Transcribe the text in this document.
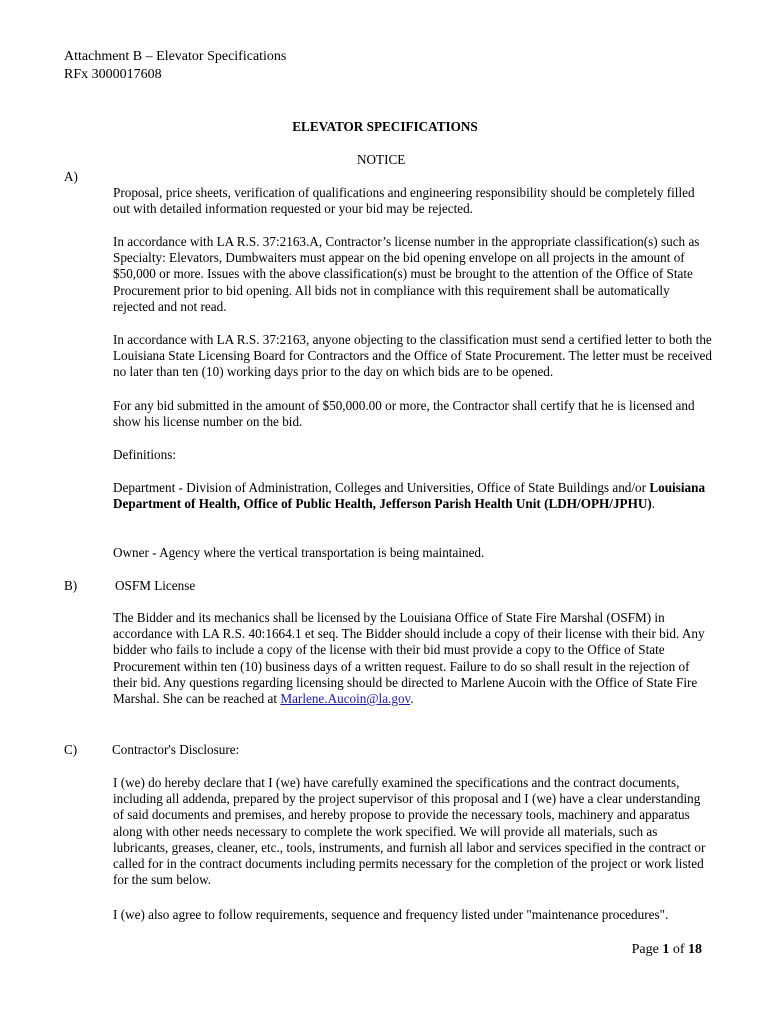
Attachment B – Elevator Specifications
RFx 3000017608
ELEVATOR SPECIFICATIONS
NOTICE
A)

Proposal, price sheets, verification of qualifications and engineering responsibility should be completely filled out with detailed information requested or your bid may be rejected.

In accordance with LA R.S. 37:2163.A, Contractor’s license number in the appropriate classification(s) such as Specialty: Elevators, Dumbwaiters must appear on the bid opening envelope on all projects in the amount of $50,000 or more. Issues with the above classification(s) must be brought to the attention of the Office of State Procurement prior to bid opening. All bids not in compliance with this requirement shall be automatically rejected and not read.

In accordance with LA R.S. 37:2163, anyone objecting to the classification must send a certified letter to both the Louisiana State Licensing Board for Contractors and the Office of State Procurement. The letter must be received no later than ten (10) working days prior to the day on which bids are to be opened.

For any bid submitted in the amount of $50,000.00 or more, the Contractor shall certify that he is licensed and show his license number on the bid.

Definitions:

Department - Division of Administration, Colleges and Universities, Office of State Buildings and/or Louisiana Department of Health, Office of Public Health, Jefferson Parish Health Unit (LDH/OPH/JPHU).

Owner - Agency where the vertical transportation is being maintained.

B)	OSFM License

The Bidder and its mechanics shall be licensed by the Louisiana Office of State Fire Marshal (OSFM) in accordance with LA R.S. 40:1664.1 et seq. The Bidder should include a copy of their license with their bid. Any bidder who fails to include a copy of the license with their bid must provide a copy to the Office of State Procurement within ten (10) business days of a written request. Failure to do so shall result in the rejection of their bid. Any questions regarding licensing should be directed to Marlene Aucoin with the Office of State Fire Marshal. She can be reached at Marlene.Aucoin@la.gov.

C)	Contractor's Disclosure:

I (we) do hereby declare that I (we) have carefully examined the specifications and the contract documents, including all addenda, prepared by the project supervisor of this proposal and I (we) have a clear understanding of said documents and premises, and hereby propose to provide the necessary tools, machinery and apparatus along with other needs necessary to complete the work specified. We will provide all materials, such as lubricants, greases, cleaner, etc., tools, instruments, and furnish all labor and services specified in the contract or called for in the contract documents including permits necessary for the completion of the project or work listed for the sum below.

I (we) also agree to follow requirements, sequence and frequency listed under "maintenance procedures".

Page 1 of 18
